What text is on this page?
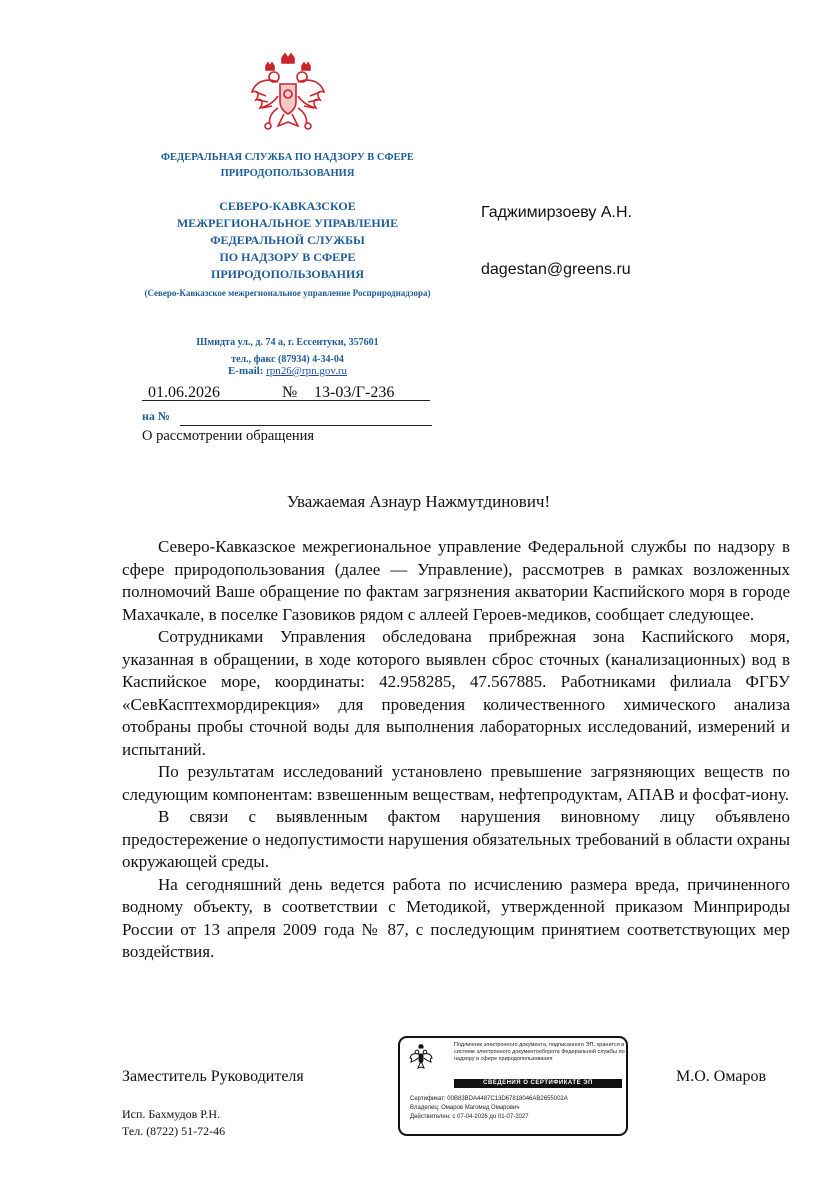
ФЕДЕРАЛЬНАЯ СЛУЖБА ПО НАДЗОРУ В СФЕРЕ ПРИРОДОПОЛЬЗОВАНИЯ
СЕВЕРО-КАВКАЗСКОЕ
МЕЖРЕГИОНАЛЬНОЕ УПРАВЛЕНИЕ
ФЕДЕРАЛЬНОЙ СЛУЖБЫ
ПО НАДЗОРУ В СФЕРЕ
ПРИРОДОПОЛЬЗОВАНИЯ
(Северо-Кавказское межрегиональное управление Росприроднадзора)
Шмидта ул., д. 74 а, г. Ессентуки, 357601
тел., факс (87934) 4-34-04
E-mail: rpn26@rpn.gov.ru
01.06.2026	№ 13-03/Г-236
на №
О рассмотрении обращения
Гаджимирзоеву А.Н.
dagestan@greens.ru
Уважаемая Азнаур Нажмутдинович!

Северо-Кавказское межрегиональное управление Федеральной службы по надзору в сфере природопользования (далее — Управление), рассмотрев в рамках возложенных полномочий Ваше обращение по фактам загрязнения акватории Каспийского моря в городе Махачкале, в поселке Газовиков рядом с аллеей Героев-медиков, сообщает следующее.

Сотрудниками Управления обследована прибрежная зона Каспийского моря, указанная в обращении, в ходе которого выявлен сброс сточных (канализационных) вод в Каспийское море, координаты: 42.958285, 47.567885. Работниками филиала ФГБУ «СевКасптехмордирекция» для проведения количественного химического анализа отобраны пробы сточной воды для выполнения лабораторных исследований, измерений и испытаний.

По результатам исследований установлено превышение загрязняющих веществ по следующим компонентам: взвешенным веществам, нефтепродуктам, АПАВ и фосфат-иону.

В связи с выявленным фактом нарушения виновному лицу объявлено предостережение о недопустимости нарушения обязательных требований в области охраны окружающей среды.

На сегодняшний день ведется работа по исчислению размера вреда, причиненного водному объекту, в соответствии с Методикой, утвержденной приказом Минприроды России от 13 апреля 2009 года № 87, с последующим принятием соответствующих мер воздействия.

Заместитель Руководителя	М.О. Омаров
Исп. Бахмудов Р.Н.
Тел. (8722) 51-72-46
Подлинник электронного документа, подписанного ЭП, хранится в системе электронного документооборота Федеральной службы по надзору в сфере природопользования
СВЕДЕНИЯ О СЕРТИФИКАТЕ ЭП
Сертификат: 00B83BDA4487C13D67818046AB2655002A
Владелец: Омаров Магомед Омарович
Действителен: с 07-04-2026 до 01-07-2027
